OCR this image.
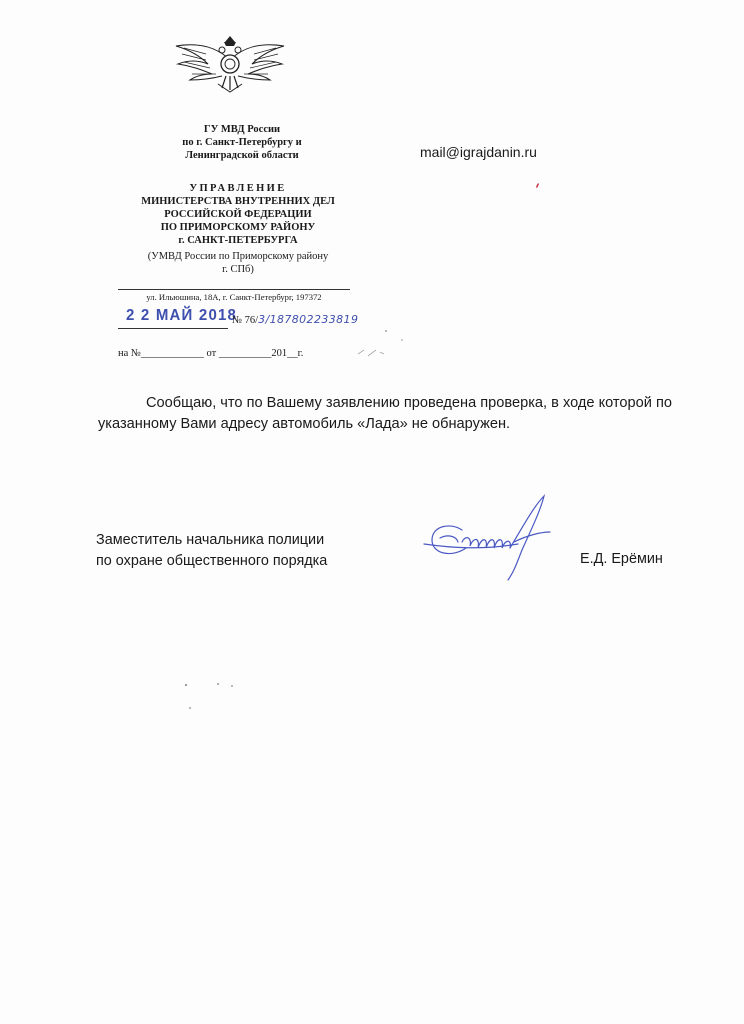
ГУ МВД России
по г. Санкт-Петербургу и
Ленинградской области
УПРАВЛЕНИЕ
МИНИСТЕРСТВА ВНУТРЕННИХ ДЕЛ
РОССИЙСКОЙ ФЕДЕРАЦИИ
ПО ПРИМОРСКОМУ РАЙОНУ
г. САНКТ-ПЕТЕРБУРГА
(УМВД России по Приморскому району
г. СПб)
ул. Ильюшина, 18А, г. Санкт-Петербург, 197372
2 2 МАЙ 2018
№ 76/3/187802233819
на №____________ от __________201__г.
mail@igrajdanin.ru

Сообщаю, что по Вашему заявлению проведена проверка, в ходе которой по указанному Вами адресу автомобиль «Лада» не обнаружен.

Заместитель начальника полиции
по охране общественного порядка	Е.Д. Ерёмин
